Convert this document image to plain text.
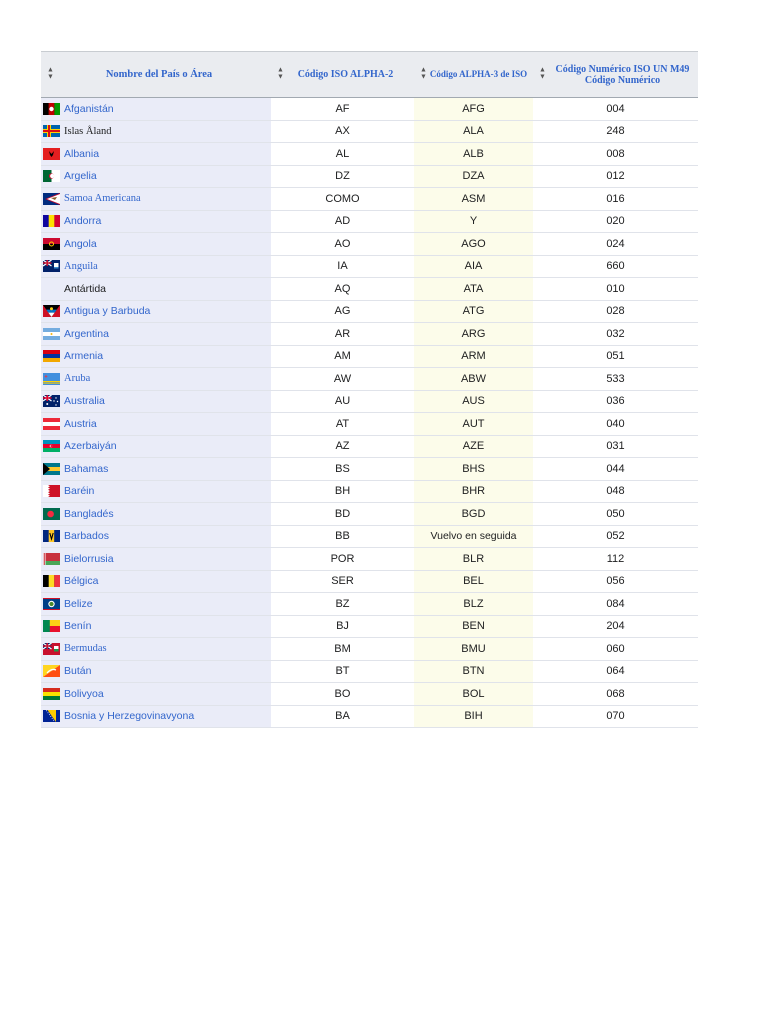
▲
▼	Nombre del País o Área
▲
▼ Código ISO ALPHA-2
▲
▼ Código ALPHA-3 de ISO
▲
▼
Código Numérico ISO UN M49
Código Numérico
Afganistán	AF	AFG	004
Islas Åland	AX	ALA	248
Albania	AL	ALB	008
Argelia	DZ	DZA	012
Samoa Americana	COMO	ASM	016
Andorra	AD	Y	020
Angola	AO	AGO	024
Anguila	IA	AIA	660
Antártida	AQ	ATA	010
Antigua y Barbuda	AG	ATG	028
Argentina	AR	ARG	032
Armenia	AM	ARM	051
Aruba	AW	ABW	533
Australia	AU	AUS	036
Austria	AT	AUT	040
Azerbaiyán	AZ	AZE	031
Bahamas	BS	BHS	044
Baréin	BH	BHR	048
Bangladés	BD	BGD	050
Barbados	BB	Vuelvo en seguida	052
Bielorrusia	POR	BLR	112
Bélgica	SER	BEL	056
Belize	BZ	BLZ	084
Benín	BJ	BEN	204
Bermudas	BM	BMU	060
Bután	BT	BTN	064
Bolivyoa	BO	BOL	068
Bosnia y Herzegovinavyona	BA	BIH	070
